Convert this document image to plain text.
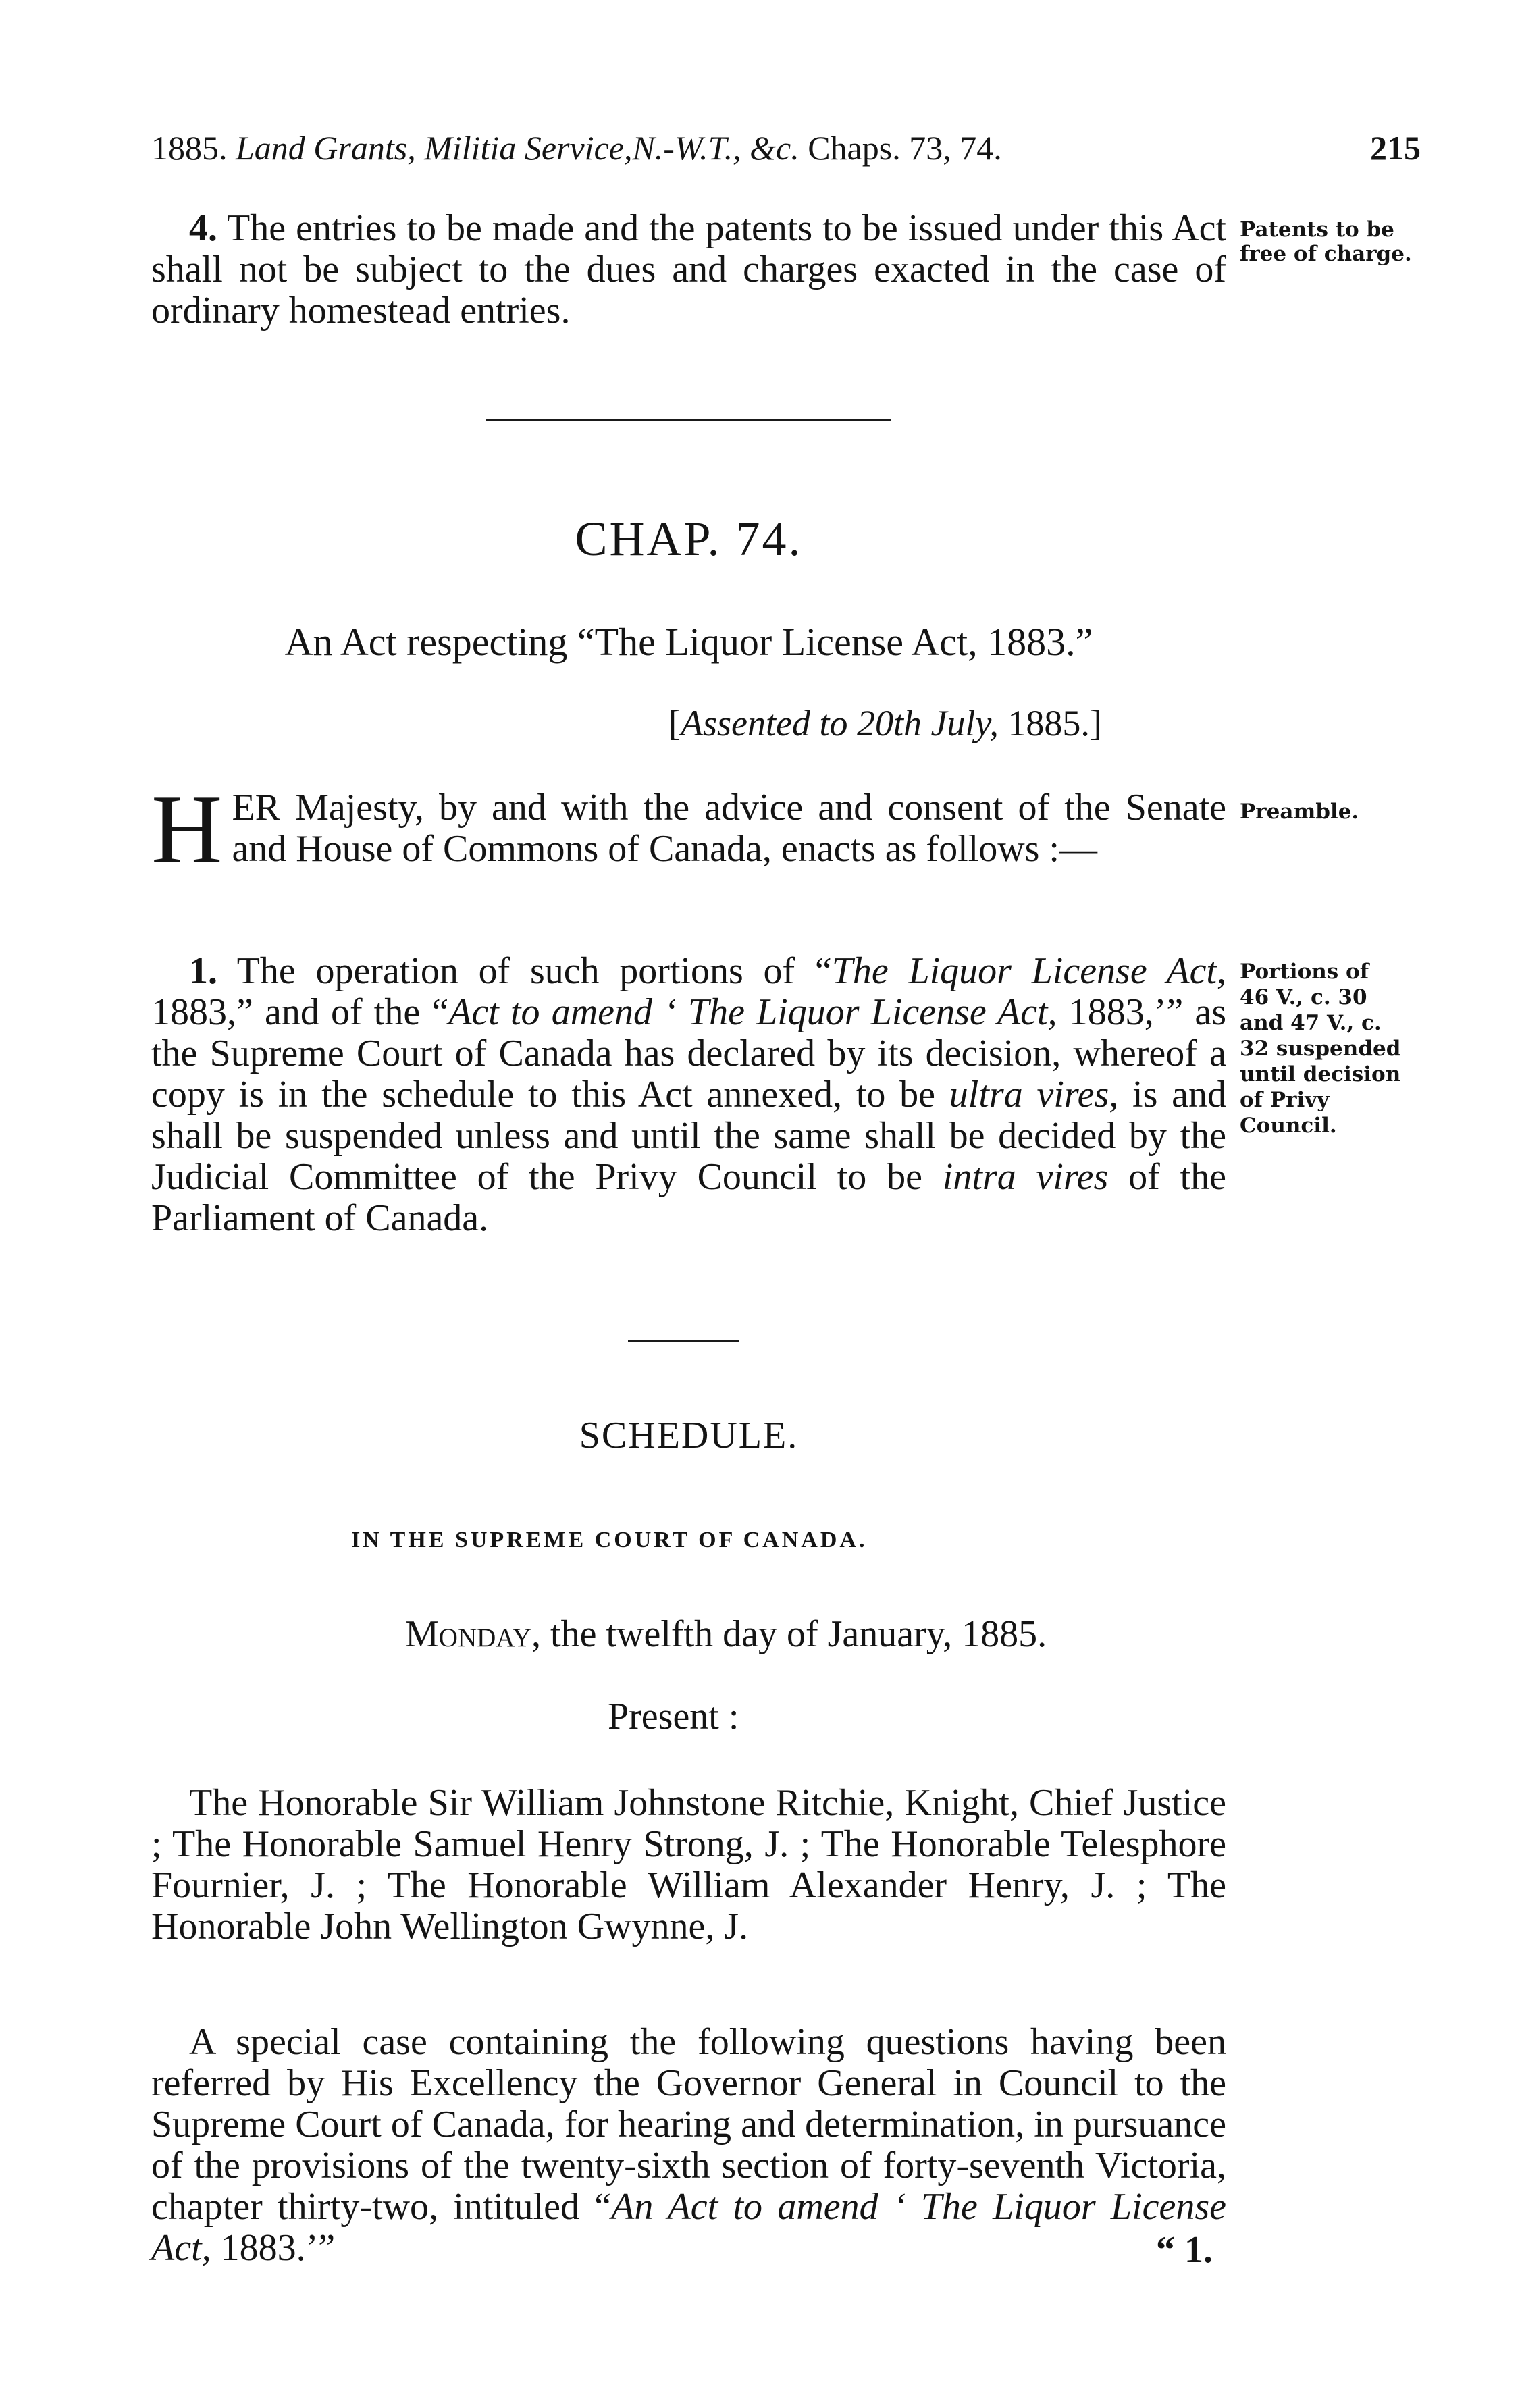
1885. Land Grants, Militia Service,N.-W.T., &c. Chaps. 73, 74.	215
4. The entries to be made and the patents to be issued under this Act shall not be subject to the dues and charges exacted in the case of ordinary homestead entries.
Patents to be
free of charge.
CHAP. 74.
An Act respecting “The Liquor License Act, 1883.”
[Assented to 20th July, 1885.]
H ER Majesty, by and with the advice and consent of the Senate and House of Commons of Canada, enacts as follows :—
Preamble.
1. The operation of such portions of “The Liquor License Act, 1883,” and of the “Act to amend ‘ The Liquor License Act, 1883,’” as the Supreme Court of Canada has declared by its decision, whereof a copy is in the schedule to this Act annexed, to be ultra vires, is and shall be suspended unless and until the same shall be decided by the Judicial Committee of the Privy Council to be intra vires of the Parliament of Canada.
Portions of
46 V., c. 30
and 47 V., c.
32 suspended
until decision
of Privy
Council.
SCHEDULE.
IN THE SUPREME COURT OF CANADA.
Monday, the twelfth day of January, 1885.
Present :
The Honorable Sir William Johnstone Ritchie, Knight, Chief Justice ; The Honorable Samuel Henry Strong, J. ; The Honorable Telesphore Fournier, J. ; The Honorable William Alexander Henry, J. ; The Honorable John Wellington Gwynne, J.
A special case containing the following questions having been referred by His Excellency the Governor General in Council to the Supreme Court of Canada, for hearing and determination, in pursuance of the provisions of the twenty-sixth section of forty-seventh Victoria, chapter thirty-two, intituled “An Act to amend ‘ The Liquor License Act, 1883.’”	“ 1.
